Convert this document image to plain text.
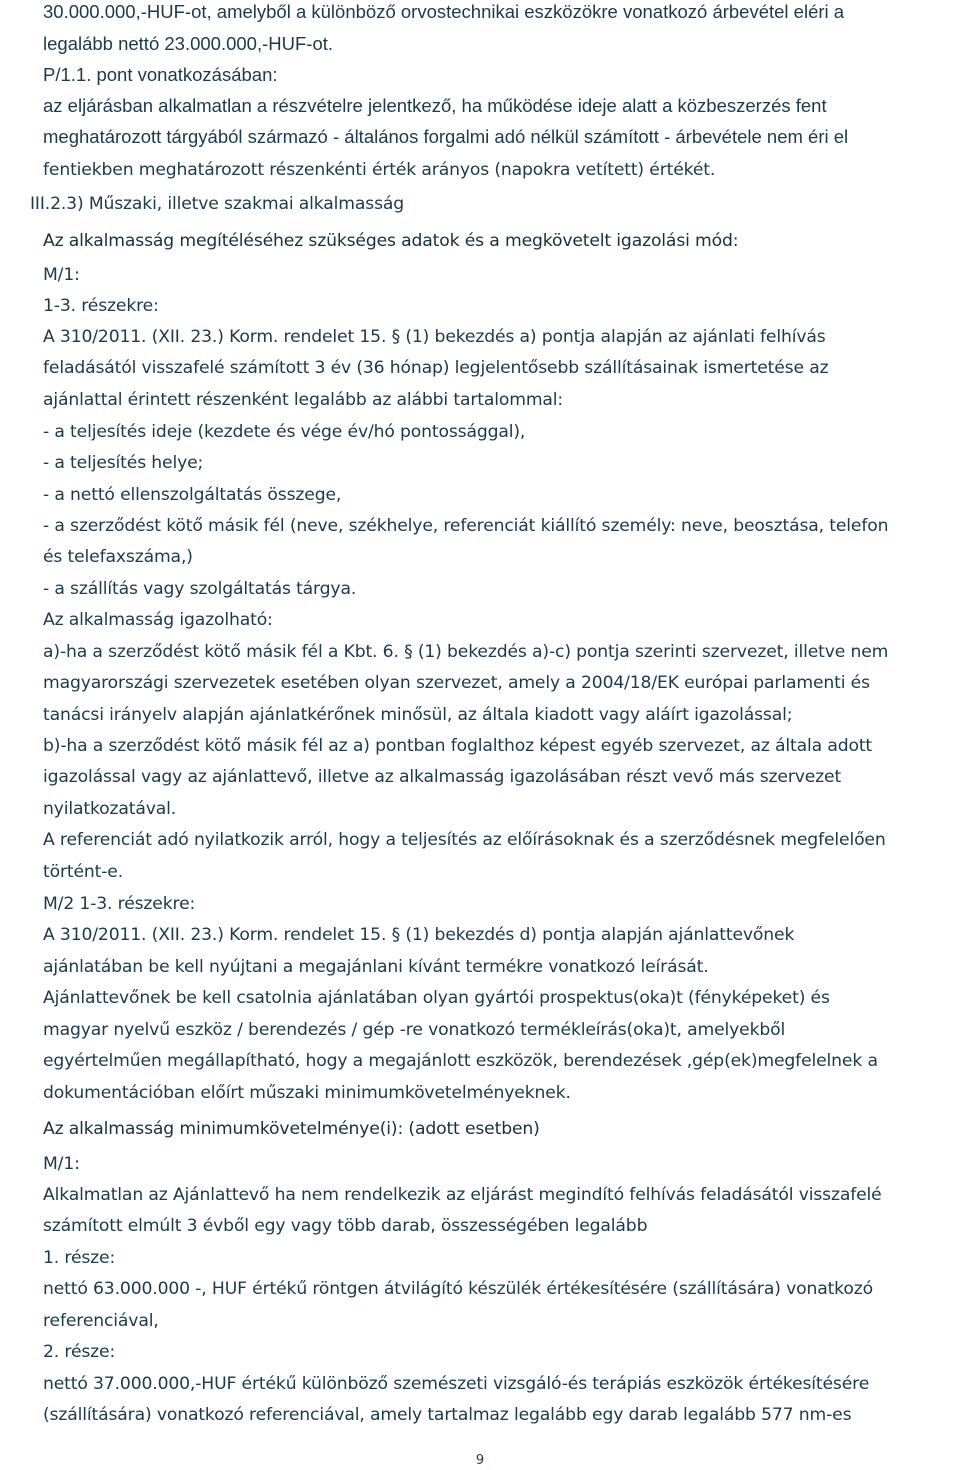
30.000.000,-HUF-ot, amelyből a különböző orvostechnikai eszközökre vonatkozó árbevétel eléri a
legalább nettó 23.000.000,-HUF-ot.
P/1.1. pont vonatkozásában:
az eljárásban alkalmatlan a részvételre jelentkező, ha működése ideje alatt a közbeszerzés fent
meghatározott tárgyából származó - általános forgalmi adó nélkül számított - árbevétele nem éri el
fentiekben meghatározott részenkénti érték arányos (napokra vetített) értékét.
III.2.3) Műszaki, illetve szakmai alkalmasság
Az alkalmasság megítéléséhez szükséges adatok és a megkövetelt igazolási mód:
M/1:
1-3. részekre:
A 310/2011. (XII. 23.) Korm. rendelet 15. § (1) bekezdés a) pontja alapján az ajánlati felhívás
feladásától visszafelé számított 3 év (36 hónap) legjelentősebb szállításainak ismertetése az
ajánlattal érintett részenként legalább az alábbi tartalommal:
- a teljesítés ideje (kezdete és vége év/hó pontossággal),
- a teljesítés helye;
- a nettó ellenszolgáltatás összege,
- a szerződést kötő másik fél (neve, székhelye, referenciát kiállító személy: neve, beosztása, telefon
és telefaxszáma,)
- a szállítás vagy szolgáltatás tárgya.
Az alkalmasság igazolható:
a)-ha a szerződést kötő másik fél a Kbt. 6. § (1) bekezdés a)-c) pontja szerinti szervezet, illetve nem
magyarországi szervezetek esetében olyan szervezet, amely a 2004/18/EK európai parlamenti és
tanácsi irányelv alapján ajánlatkérőnek minősül, az általa kiadott vagy aláírt igazolással;
b)-ha a szerződést kötő másik fél az a) pontban foglalthoz képest egyéb szervezet, az általa adott
igazolással vagy az ajánlattevő, illetve az alkalmasság igazolásában részt vevő más szervezet
nyilatkozatával.
A referenciát adó nyilatkozik arról, hogy a teljesítés az előírásoknak és a szerződésnek megfelelően
történt-e.
M/2 1-3. részekre:
A 310/2011. (XII. 23.) Korm. rendelet 15. § (1) bekezdés d) pontja alapján ajánlattevőnek
ajánlatában be kell nyújtani a megajánlani kívánt termékre vonatkozó leírását.
Ajánlattevőnek be kell csatolnia ajánlatában olyan gyártói prospektus(oka)t (fényképeket) és
magyar nyelvű eszköz / berendezés / gép -re vonatkozó termékleírás(oka)t, amelyekből
egyértelműen megállapítható, hogy a megajánlott eszközök, berendezések ,gép(ek)megfelelnek a
dokumentációban előírt műszaki minimumkövetelményeknek.
Az alkalmasság minimumkövetelménye(i): (adott esetben)
M/1:
Alkalmatlan az Ajánlattevő ha nem rendelkezik az eljárást megindító felhívás feladásától visszafelé
számított elmúlt 3 évből egy vagy több darab, összességében legalább
1. része:
nettó 63.000.000 -, HUF értékű röntgen átvilágító készülék értékesítésére (szállítására) vonatkozó
referenciával,
2. része:
nettó 37.000.000,-HUF értékű különböző szemészeti vizsgáló-és terápiás eszközök értékesítésére
(szállítására) vonatkozó referenciával, amely tartalmaz legalább egy darab legalább 577 nm-es
9
